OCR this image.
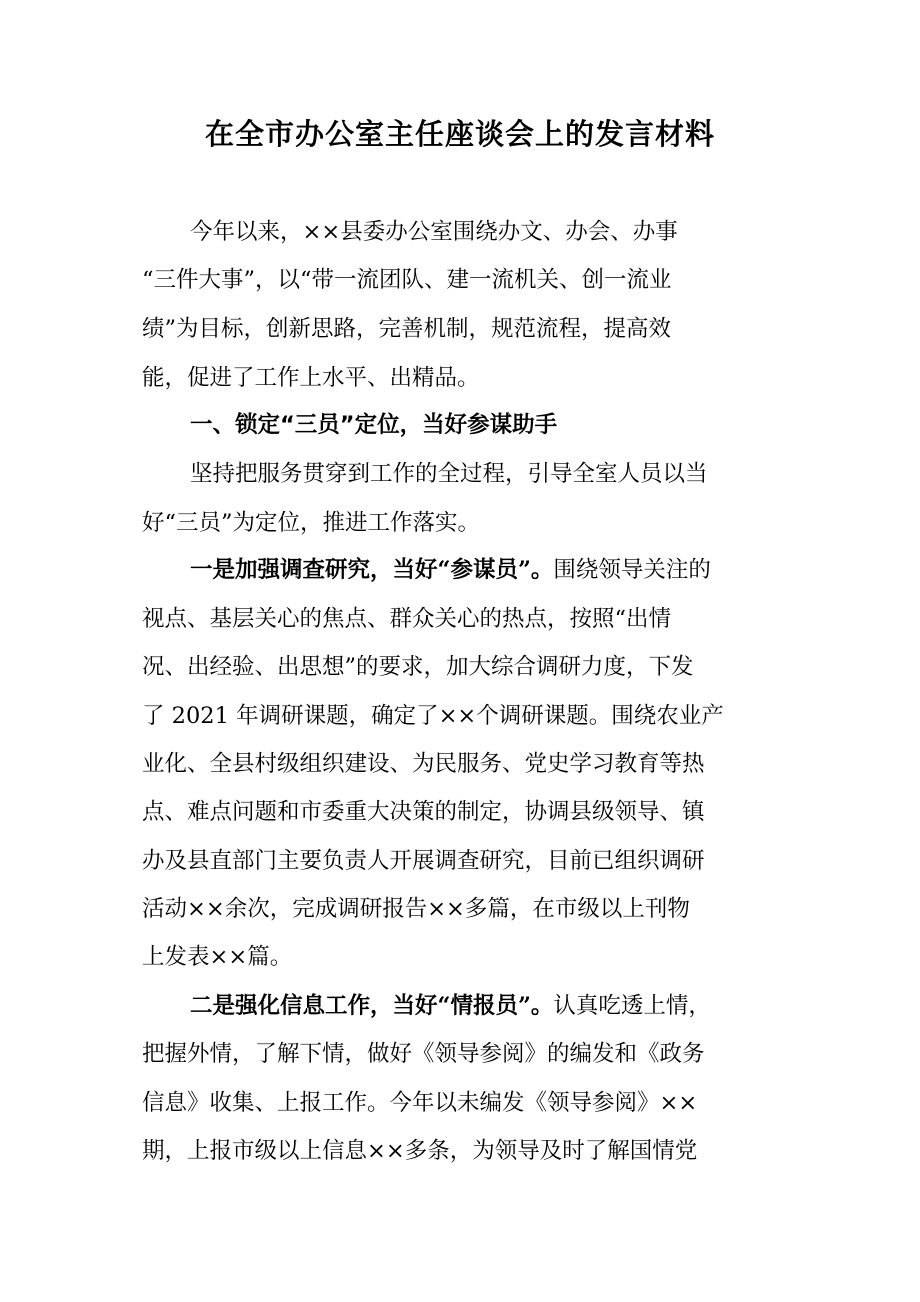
在全市办公室主任座谈会上的发言材料
今年以来，××县委办公室围绕办文、办会、办事
“三件大事”，以“带一流团队、建一流机关、创一流业
绩”为目标，创新思路，完善机制，规范流程，提高效
能，促进了工作上水平、出精品。
一、锁定“三员”定位，当好参谋助手
坚持把服务贯穿到工作的全过程，引导全室人员以当
好“三员”为定位，推进工作落实。
一是加强调查研究，当好“参谋员”。围绕领导关注的
视点、基层关心的焦点、群众关心的热点，按照“出情
况、出经验、出思想”的要求，加大综合调研力度，下发
了 2021 年调研课题，确定了××个调研课题。围绕农业产
业化、全县村级组织建设、为民服务、党史学习教育等热
点、难点问题和市委重大决策的制定，协调县级领导、镇
办及县直部门主要负责人开展调查研究，目前已组织调研
活动××余次，完成调研报告××多篇，在市级以上刊物
上发表××篇。
二是强化信息工作，当好“情报员”。认真吃透上情，
把握外情，了解下情，做好《领导参阅》的编发和《政务
信息》收集、上报工作。今年以未编发《领导参阅》××
期，上报市级以上信息××多条，为领导及时了解国情党
